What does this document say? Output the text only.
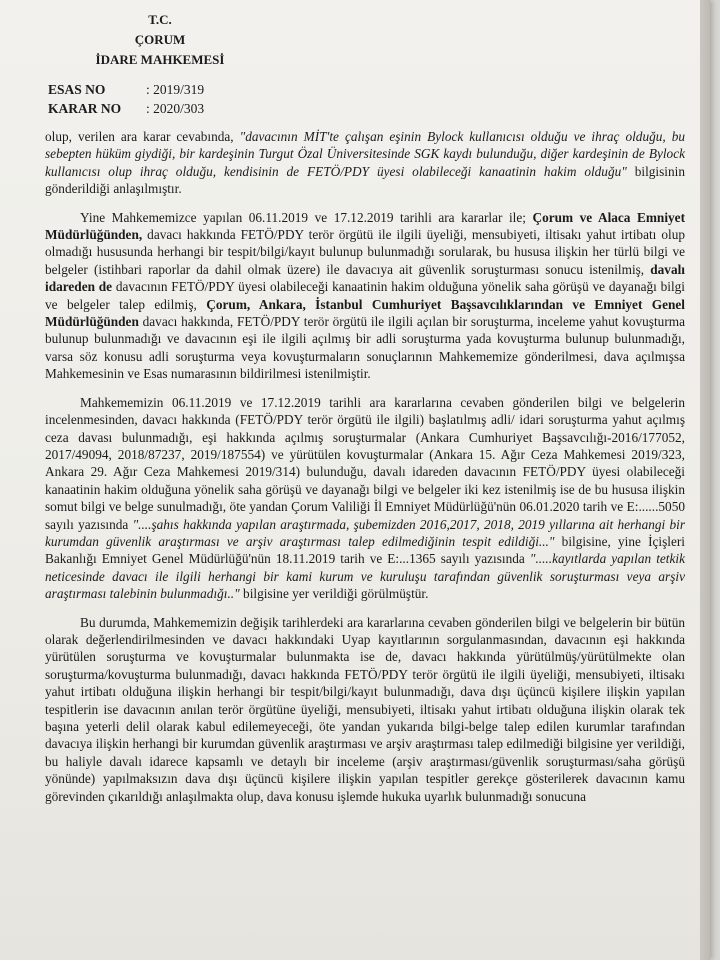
T.C.
ÇORUM
İDARE MAHKEMESİ
ESAS NO	: 2019/319
KARAR NO	: 2020/303

olup, verilen ara karar cevabında, "davacının MİT'te çalışan eşinin Bylock kullanıcısı olduğu ve ihraç olduğu, bu sebepten hüküm giydiği, bir kardeşinin Turgut Özal Üniversitesinde SGK kaydı bulunduğu, diğer kardeşinin de Bylock kullanıcısı olup ihraç olduğu, kendisinin de FETÖ/PDY üyesi olabileceği kanaatinin hakim olduğu" bilgisinin gönderildiği anlaşılmıştır.

Yine Mahkememizce yapılan 06.11.2019 ve 17.12.2019 tarihli ara kararlar ile; Çorum ve Alaca Emniyet Müdürlüğünden, davacı hakkında FETÖ/PDY terör örgütü ile ilgili üyeliği, mensubiyeti, iltisakı yahut irtibatı olup olmadığı hususunda herhangi bir tespit/bilgi/kayıt bulunup bulunmadığı sorularak, bu hususa ilişkin her türlü bilgi ve belgeler (istihbari raporlar da dahil olmak üzere) ile davacıya ait güvenlik soruşturması sonucu istenilmiş, davalı idareden de davacının FETÖ/PDY üyesi olabileceği kanaatinin hakim olduğuna yönelik saha görüşü ve dayanağı bilgi ve belgeler talep edilmiş, Çorum, Ankara, İstanbul Cumhuriyet Başsavcılıklarından ve Emniyet Genel Müdürlüğünden davacı hakkında, FETÖ/PDY terör örgütü ile ilgili açılan bir soruşturma, inceleme yahut kovuşturma bulunup bulunmadığı ve davacının eşi ile ilgili açılmış bir adli soruşturma yada kovuşturma bulunup bulunmadığı, varsa söz konusu adli soruşturma veya kovuşturmaların sonuçlarının Mahkememize gönderilmesi, dava açılmışsa Mahkemesinin ve Esas numarasının bildirilmesi istenilmiştir.

Mahkememizin 06.11.2019 ve 17.12.2019 tarihli ara kararlarına cevaben gönderilen bilgi ve belgelerin incelenmesinden, davacı hakkında (FETÖ/PDY terör örgütü ile ilgili) başlatılmış adli/ idari soruşturma yahut açılmış ceza davası bulunmadığı, eşi hakkında açılmış soruşturmalar (Ankara Cumhuriyet Başsavcılığı-2016/177052, 2017/49094, 2018/87237, 2019/187554) ve yürütülen kovuşturmalar (Ankara 15. Ağır Ceza Mahkemesi 2019/323, Ankara 29. Ağır Ceza Mahkemesi 2019/314) bulunduğu, davalı idareden davacının FETÖ/PDY üyesi olabileceği kanaatinin hakim olduğuna yönelik saha görüşü ve dayanağı bilgi ve belgeler iki kez istenilmiş ise de bu hususa ilişkin somut bilgi ve belge sunulmadığı, öte yandan Çorum Valiliği İl Emniyet Müdürlüğü'nün 06.01.2020 tarih ve E:......5050 sayılı yazısında "....şahıs hakkında yapılan araştırmada, şubemizden 2016,2017, 2018, 2019 yıllarına ait herhangi bir kurumdan güvenlik araştırması ve arşiv araştırması talep edilmediğinin tespit edildiği..." bilgisine, yine İçişleri Bakanlığı Emniyet Genel Müdürlüğü'nün 18.11.2019 tarih ve E:...1365 sayılı yazısında ".....kayıtlarda yapılan tetkik neticesinde davacı ile ilgili herhangi bir kami kurum ve kuruluşu tarafından güvenlik soruşturması veya arşiv araştırması talebinin bulunmadığı.." bilgisine yer verildiği görülmüştür.

Bu durumda, Mahkememizin değişik tarihlerdeki ara kararlarına cevaben gönderilen bilgi ve belgelerin bir bütün olarak değerlendirilmesinden ve davacı hakkındaki Uyap kayıtlarının sorgulanmasından, davacının eşi hakkında yürütülen soruşturma ve kovuşturmalar bulunmakta ise de, davacı hakkında yürütülmüş/yürütülmekte olan soruşturma/kovuşturma bulunmadığı, davacı hakkında FETÖ/PDY terör örgütü ile ilgili üyeliği, mensubiyeti, iltisakı yahut irtibatı olduğuna ilişkin herhangi bir tespit/bilgi/kayıt bulunmadığı, dava dışı üçüncü kişilere ilişkin yapılan tespitlerin ise davacının anılan terör örgütüne üyeliği, mensubiyeti, iltisakı yahut irtibatı olduğuna ilişkin olarak tek başına yeterli delil olarak kabul edilemeyeceği, öte yandan yukarıda bilgi-belge talep edilen kurumlar tarafından davacıya ilişkin herhangi bir kurumdan güvenlik araştırması ve arşiv araştırması talep edilmediği bilgisine yer verildiği, bu haliyle davalı idarece kapsamlı ve detaylı bir inceleme (arşiv araştırması/güvenlik soruşturması/saha görüşü yönünde) yapılmaksızın dava dışı üçüncü kişilere ilişkin yapılan tespitler gerekçe gösterilerek davacının kamu görevinden çıkarıldığı anlaşılmakta olup, dava konusu işlemde hukuka uyarlık bulunmadığı sonucuna
